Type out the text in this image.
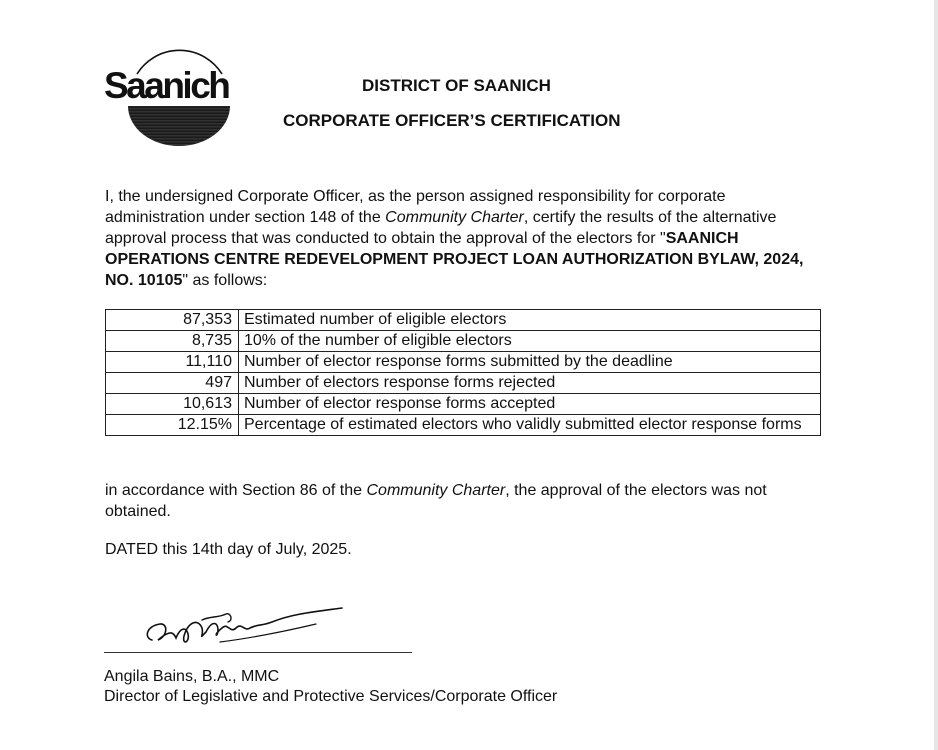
Saanich	DISTRICT OF SAANICH
CORPORATE OFFICER’S CERTIFICATION
I, the undersigned Corporate Officer, as the person assigned responsibility for corporate administration under section 148 of the Community Charter, certify the results of the alternative approval process that was conducted to obtain the approval of the electors for "SAANICH OPERATIONS CENTRE REDEVELOPMENT PROJECT LOAN AUTHORIZATION BYLAW, 2024, NO. 10105" as follows:
87,353	Estimated number of eligible electors
8,735	10% of the number of eligible electors
11,110	Number of elector response forms submitted by the deadline
497	Number of electors response forms rejected
10,613	Number of elector response forms accepted
12.15%	Percentage of estimated electors who validly submitted elector response forms
in accordance with Section 86 of the Community Charter, the approval of the electors was not obtained.
DATED this 14th day of July, 2025.
Angila Bains, B.A., MMC
Director of Legislative and Protective Services/Corporate Officer
